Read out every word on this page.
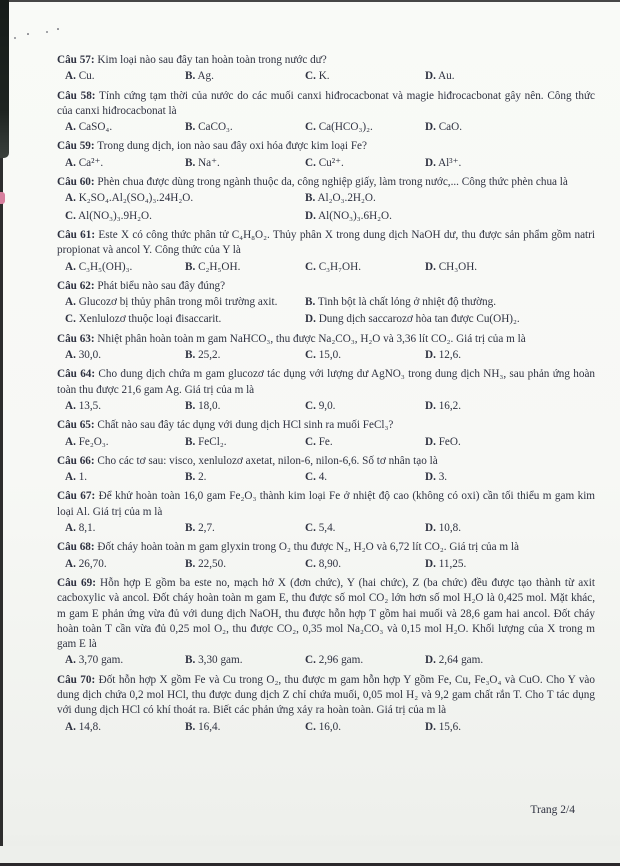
Câu 57: Kim loại nào sau đây tan hoàn toàn trong nước dư?

A. Cu.	B. Ag.	C. K.	D. Au.

Câu 58: Tính cứng tạm thời của nước do các muối canxi hiđrocacbonat và magie hiđrocacbonat gây nên. Công thức của canxi hiđrocacbonat là

A. CaSO₄.	B. CaCO₃.	C. Ca(HCO₃)₂.	D. CaO.

Câu 59: Trong dung dịch, ion nào sau đây oxi hóa được kim loại Fe?

A. Ca²⁺.	B. Na⁺.	C. Cu²⁺.	D. Al³⁺.

Câu 60: Phèn chua được dùng trong ngành thuộc da, công nghiệp giấy, làm trong nước,... Công thức phèn chua là

A. K₂SO₄.Al₂(SO₄)₃.24H₂O.	B. Al₂O₃.2H₂O.
C. Al(NO₃)₃.9H₂O.	D. Al(NO₃)₃.6H₂O.

Câu 61: Este X có công thức phân tử C₄H₈O₂. Thủy phân X trong dung dịch NaOH dư, thu được sản phẩm gồm natri propionat và ancol Y. Công thức của Y là

A. C₃H₅(OH)₃.	B. C₂H₅OH.	C. C₃H₇OH.	D. CH₃OH.

Câu 62: Phát biểu nào sau đây đúng?

A. Glucozơ bị thủy phân trong môi trường axit.	B. Tinh bột là chất lỏng ở nhiệt độ thường.
C. Xenlulozơ thuộc loại đisaccarit.	D. Dung dịch saccarozơ hòa tan được Cu(OH)₂.

Câu 63: Nhiệt phân hoàn toàn m gam NaHCO₃, thu được Na₂CO₃, H₂O và 3,36 lít CO₂. Giá trị của m là

A. 30,0.	B. 25,2.	C. 15,0.	D. 12,6.

Câu 64: Cho dung dịch chứa m gam glucozơ tác dụng với lượng dư AgNO₃ trong dung dịch NH₃, sau phản ứng hoàn toàn thu được 21,6 gam Ag. Giá trị của m là

A. 13,5.	B. 18,0.	C. 9,0.	D. 16,2.

Câu 65: Chất nào sau đây tác dụng với dung dịch HCl sinh ra muối FeCl₃?

A. Fe₂O₃.	B. FeCl₂.	C. Fe.	D. FeO.

Câu 66: Cho các tơ sau: visco, xenlulozơ axetat, nilon-6, nilon-6,6. Số tơ nhân tạo là

A. 1.	B. 2.	C. 4.	D. 3.

Câu 67: Để khử hoàn toàn 16,0 gam Fe₂O₃ thành kim loại Fe ở nhiệt độ cao (không có oxi) cần tối thiểu m gam kim loại Al. Giá trị của m là

A. 8,1.	B. 2,7.	C. 5,4.	D. 10,8.

Câu 68: Đốt cháy hoàn toàn m gam glyxin trong O₂ thu được N₂, H₂O và 6,72 lít CO₂. Giá trị của m là

A. 26,70.	B. 22,50.	C. 8,90.	D. 11,25.

Câu 69: Hỗn hợp E gồm ba este no, mạch hở X (đơn chức), Y (hai chức), Z (ba chức) đều được tạo thành từ axit cacboxylic và ancol. Đốt cháy hoàn toàn m gam E, thu được số mol CO₂ lớn hơn số mol H₂O là 0,425 mol. Mặt khác, m gam E phản ứng vừa đủ với dung dịch NaOH, thu được hỗn hợp T gồm hai muối và 28,6 gam hai ancol. Đốt cháy hoàn toàn T cần vừa đủ 0,25 mol O₂, thu được CO₂, 0,35 mol Na₂CO₃ và 0,15 mol H₂O. Khối lượng của X trong m gam E là

A. 3,70 gam.	B. 3,30 gam.	C. 2,96 gam.	D. 2,64 gam.

Câu 70: Đốt hỗn hợp X gồm Fe và Cu trong O₂, thu được m gam hỗn hợp Y gồm Fe, Cu, Fe₃O₄ và CuO. Cho Y vào dung dịch chứa 0,2 mol HCl, thu được dung dịch Z chỉ chứa muối, 0,05 mol H₂ và 9,2 gam chất rắn T. Cho T tác dụng với dung dịch HCl có khí thoát ra. Biết các phản ứng xảy ra hoàn toàn. Giá trị của m là

A. 14,8.	B. 16,4.	C. 16,0.	D. 15,6.
Trang 2/4
